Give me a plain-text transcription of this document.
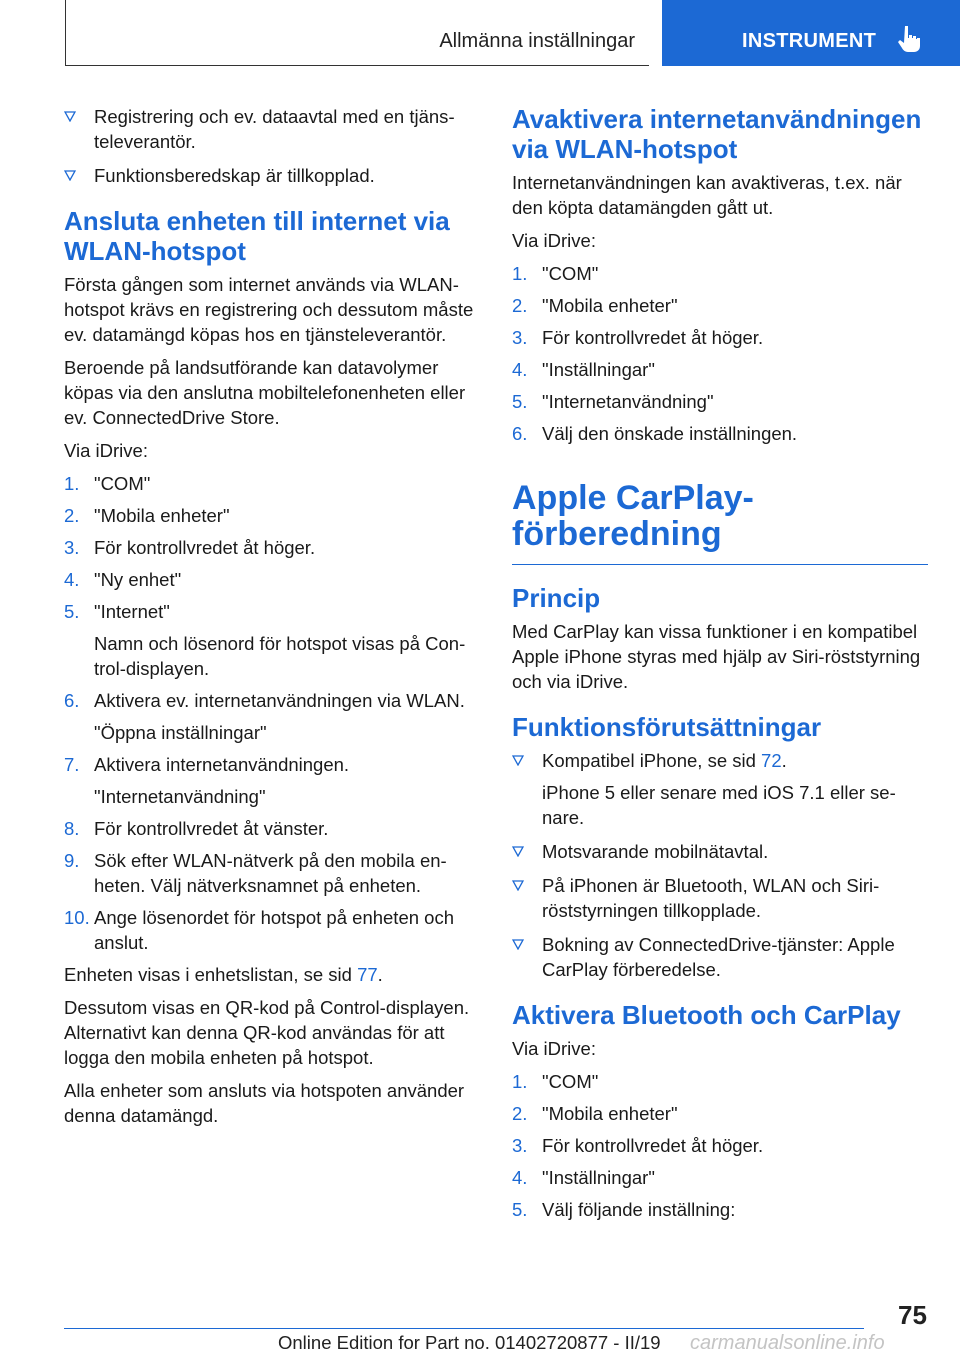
Allmänna inställningar	INSTRUMENT
Registrering och ev. dataavtal med en tjänsteleverantör.
Funktionsberedskap är tillkopplad.
Ansluta enheten till internet via WLAN-hotspot

Första gången som internet används via WLAN-hotspot krävs en registrering och dessutom måste ev. datamängd köpas hos en tjänsteleverantör.

Beroende på landsutförande kan datavolymer köpas via den anslutna mobiltelefonenheten eller ev. ConnectedDrive Store.

Via iDrive:

1. "COM"
2. "Mobila enheter"
3. För kontrollvredet åt höger.
4. "Ny enhet"
5. "Internet"
Namn och lösenord för hotspot visas på Control-displayen.
6. Aktivera ev. internetanvändningen via WLAN.
"Öppna inställningar"
7. Aktivera internetanvändningen.
"Internetanvändning"
8. För kontrollvredet åt vänster.
9. Sök efter WLAN-nätverk på den mobila enheten. Välj nätverksnamnet på enheten.
10. Ange lösenordet för hotspot på enheten och anslut.

Enheten visas i enhetslistan, se sid 77.

Dessutom visas en QR-kod på Control-displayen. Alternativt kan denna QR-kod användas för att logga den mobila enheten på hotspot.

Alla enheter som ansluts via hotspoten använder denna datamängd.

Avaktivera internetanvändningen via WLAN-hotspot

Internetanvändningen kan avaktiveras, t.ex. när den köpta datamängden gått ut.

Via iDrive:

1. "COM"
2. "Mobila enheter"
3. För kontrollvredet åt höger.
4. "Inställningar"
5. "Internetanvändning"
6. Välj den önskade inställningen.
Apple CarPlay-förberedning
Princip

Med CarPlay kan vissa funktioner i en kompatibel Apple iPhone styras med hjälp av Siri-röststyrning och via iDrive.

Funktionsförutsättningar
Kompatibel iPhone, se sid 72.
iPhone 5 eller senare med iOS 7.1 eller senare.
Motsvarande mobilnätavtal.
På iPhonen är Bluetooth, WLAN och Siri-röststyrningen tillkopplade.
Bokning av ConnectedDrive-tjänster: Apple CarPlay förberedelse.
Aktivera Bluetooth och CarPlay

Via iDrive:

1. "COM"
2. "Mobila enheter"
3. För kontrollvredet åt höger.
4. "Inställningar"
5. Välj följande inställning:
75
Online Edition for Part no. 01402720877 - II/19 carmanualsonline.info
